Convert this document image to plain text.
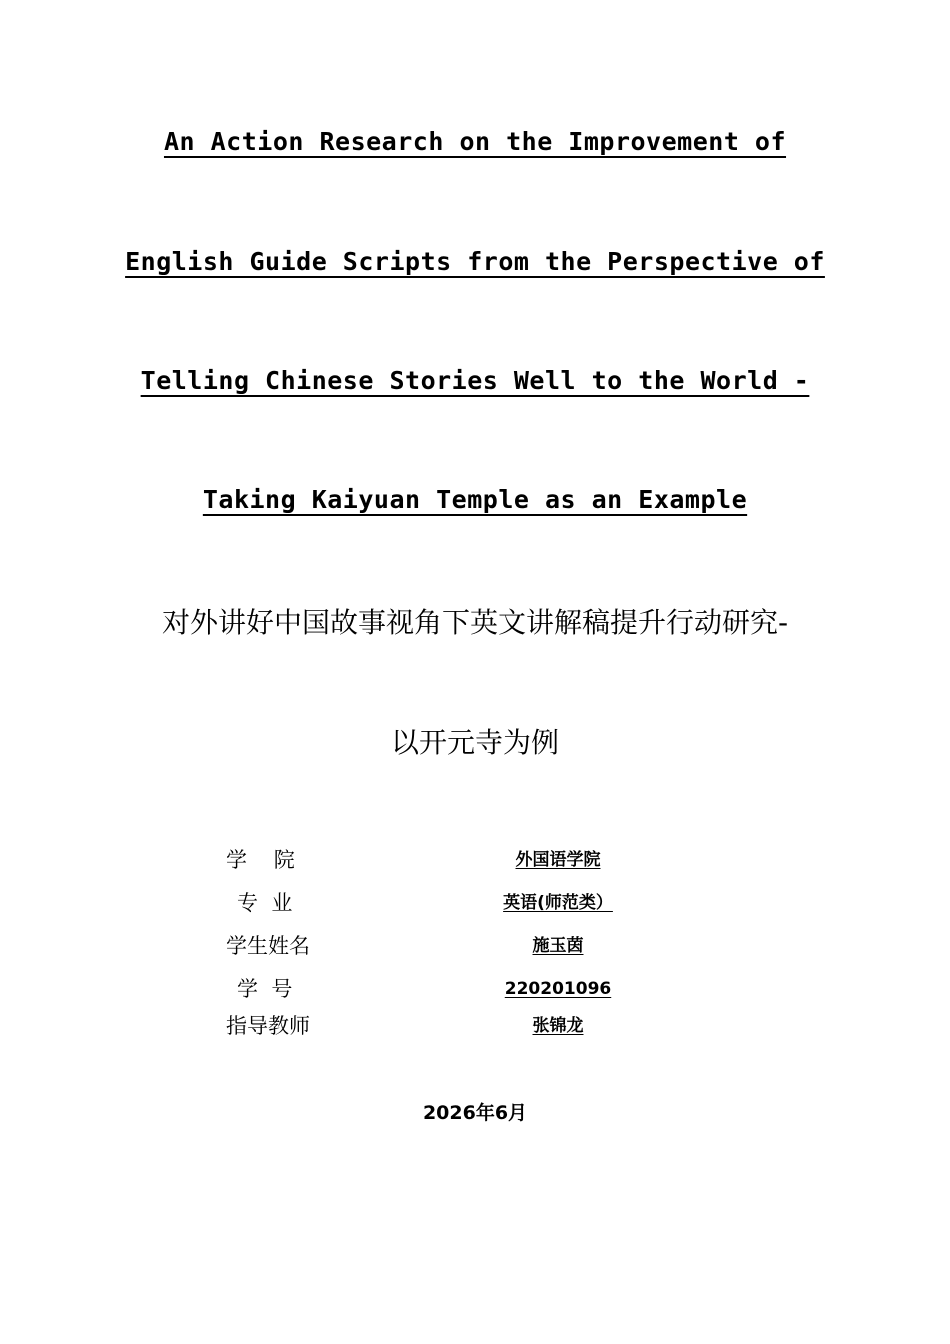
An Action Research on the Improvement of
English Guide Scripts from the Perspective of
Telling Chinese Stories Well to the World -
Taking Kaiyuan Temple as an Example
对外讲好中国故事视角下英文讲解稿提升行动研究-
以开元寺为例
学    院	外国语学院
专  业	英语(师范类）
学生姓名	施玉茵
学  号	220201096
指导教师	张锦龙
2026年6月
